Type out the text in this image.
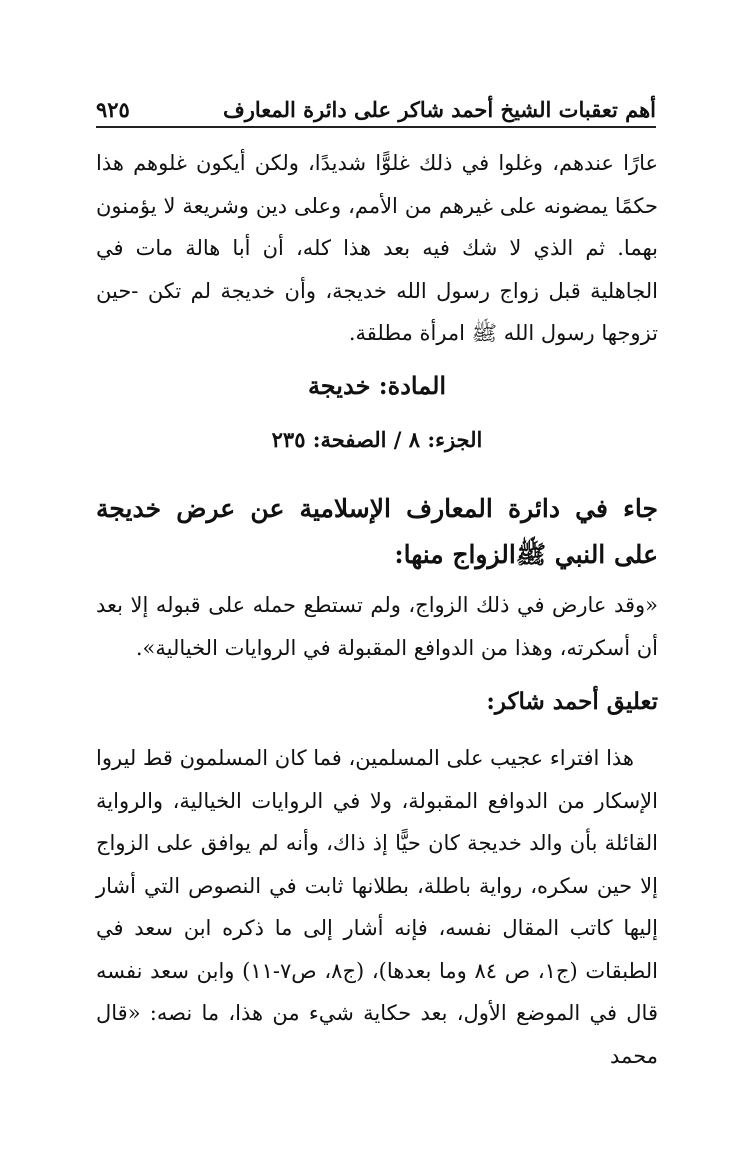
أهم تعقبات الشيخ أحمد شاكر على دائرة المعارف
٩٢٥
عارًا عندهم، وغلوا في ذلك غلوًّا شديدًا، ولكن أيكون غلوهم هذا حكمًا يمضونه على غيرهم من الأمم، وعلى دين وشريعة لا يؤمنون بهما. ثم الذي لا شك فيه بعد هذا كله، أن أبا هالة مات في الجاهلية قبل زواج رسول الله خديجة، وأن خديجة لم تكن -حين تزوجها رسول الله ﷺ امرأة مطلقة.
المادة: خديجة
الجزء: ٨ / الصفحة: ٢٣٥
جاء في دائرة المعارف الإسلامية عن عرض خديجة على النبي ﷺالزواج منها:
«وقد عارض في ذلك الزواج، ولم تستطع حمله على قبوله إلا بعد أن أسكرته، وهذا من الدوافع المقبولة في الروايات الخيالية».
تعليق أحمد شاكر:
هذا افتراء عجيب على المسلمين، فما كان المسلمون قط ليروا الإسكار من الدوافع المقبولة، ولا في الروايات الخيالية، والرواية القائلة بأن والد خديجة كان حيًّا إذ ذاك، وأنه لم يوافق على الزواج إلا حين سكره، رواية باطلة، بطلانها ثابت في النصوص التي أشار إليها كاتب المقال نفسه، فإنه أشار إلى ما ذكره ابن سعد في الطبقات (ج١، ص ٨٤ وما بعدها)، (ج٨، ص٧-١١) وابن سعد نفسه قال في الموضع الأول، بعد حكاية شيء من هذا، ما نصه: «قال محمد
